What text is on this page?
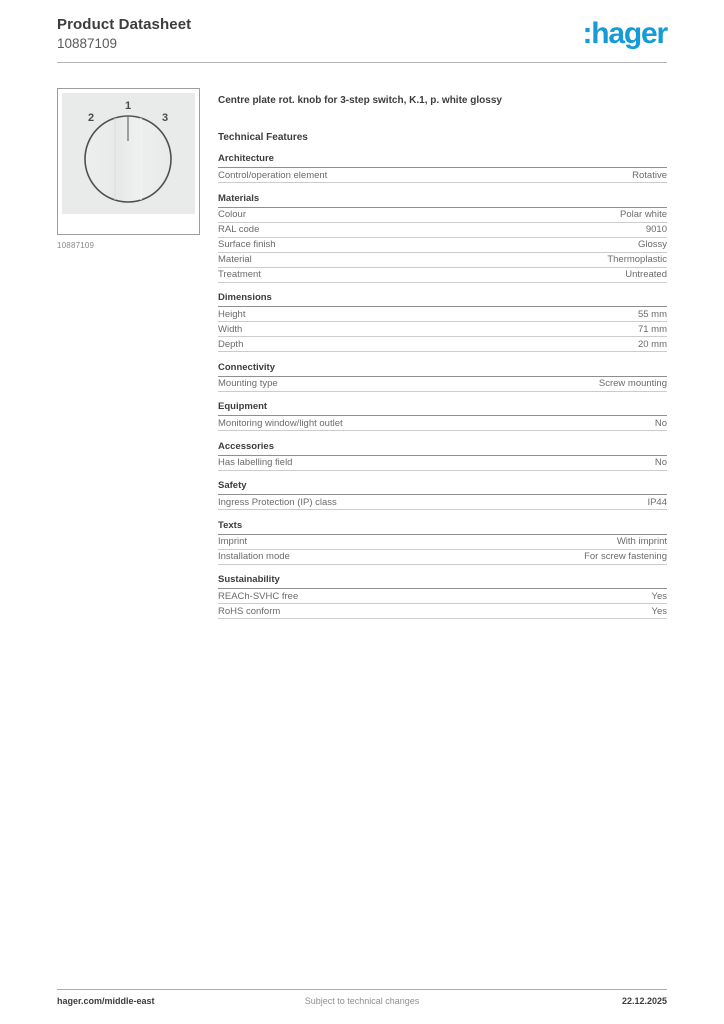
Product Datasheet
10887109	:hager
1
2	3
10887109
Centre plate rot. knob for 3-step switch, K.1, p. white glossy
Technical Features
Architecture
Control/operation element	Rotative
Materials
Colour	Polar white
RAL code	9010
Surface finish	Glossy
Material	Thermoplastic
Treatment	Untreated
Dimensions
Height	55 mm
Width	71 mm
Depth	20 mm
Connectivity
Mounting type	Screw mounting
Equipment
Monitoring window/light outlet	No
Accessories
Has labelling field	No
Safety
Ingress Protection (IP) class	IP44
Texts
Imprint	With imprint
Installation mode	For screw fastening
Sustainability
REACh-SVHC free	Yes
RoHS conform	Yes
hager.com/middle-east	Subject to technical changes	22.12.2025
